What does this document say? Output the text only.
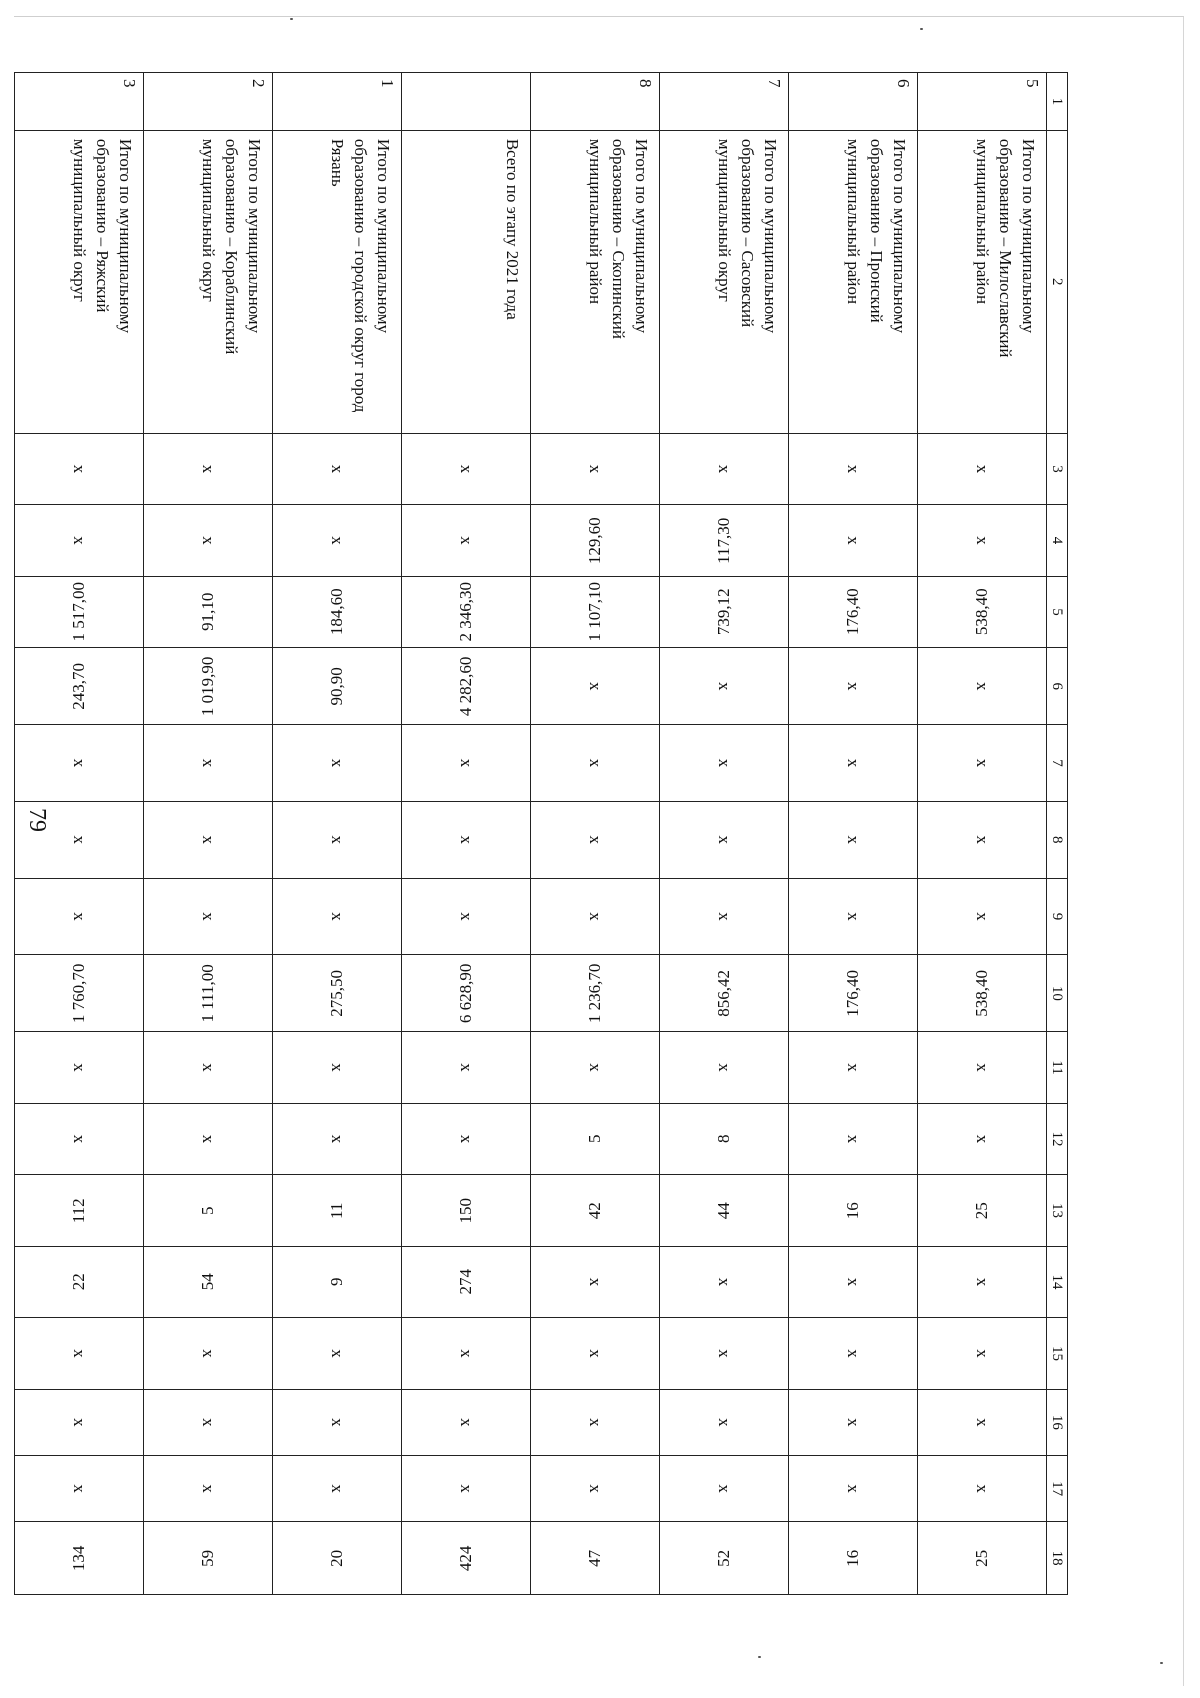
79
1	2	3	4	5	6	7	8	9	10	11	12	13	14	15	16	17	18
5	Итого по муниципальному образованию – Милославский муниципальный район	x	x	538,40	x	x	x	x	538,40	x	x	25	x	x	x	x	25
6	Итого по муниципальному образованию – Пронский муниципальный район	x	x	176,40	x	x	x	x	176,40	x	x	16	x	x	x	x	16
7	Итого по муниципальному образованию – Сасовский муниципальный округ	x	117,30	739,12	x	x	x	x	856,42	x	8	44	x	x	x	x	52
8	Итого по муниципальному образованию – Скопинский муниципальный район	x	129,60	1 107,10	x	x	x	x	1 236,70	x	5	42	x	x	x	x	47
	Всего по этапу 2021 года	x	x	2 346,30	4 282,60	x	x	x	6 628,90	x	x	150	274	x	x	x	424
1	Итого по муниципальному образованию – городской округ город Рязань	x	x	184,60	90,90	x	x	x	275,50	x	x	11	9	x	x	x	20
2	Итого по муниципальному образованию – Кораблинский муниципальный округ	x	x	91,10	1 019,90	x	x	x	1 111,00	x	x	5	54	x	x	x	59
3	Итого по муниципальному образованию – Ряжский муниципальный округ	x	x	1 517,00	243,70	x	x	x	1 760,70	x	x	112	22	x	x	x	134
